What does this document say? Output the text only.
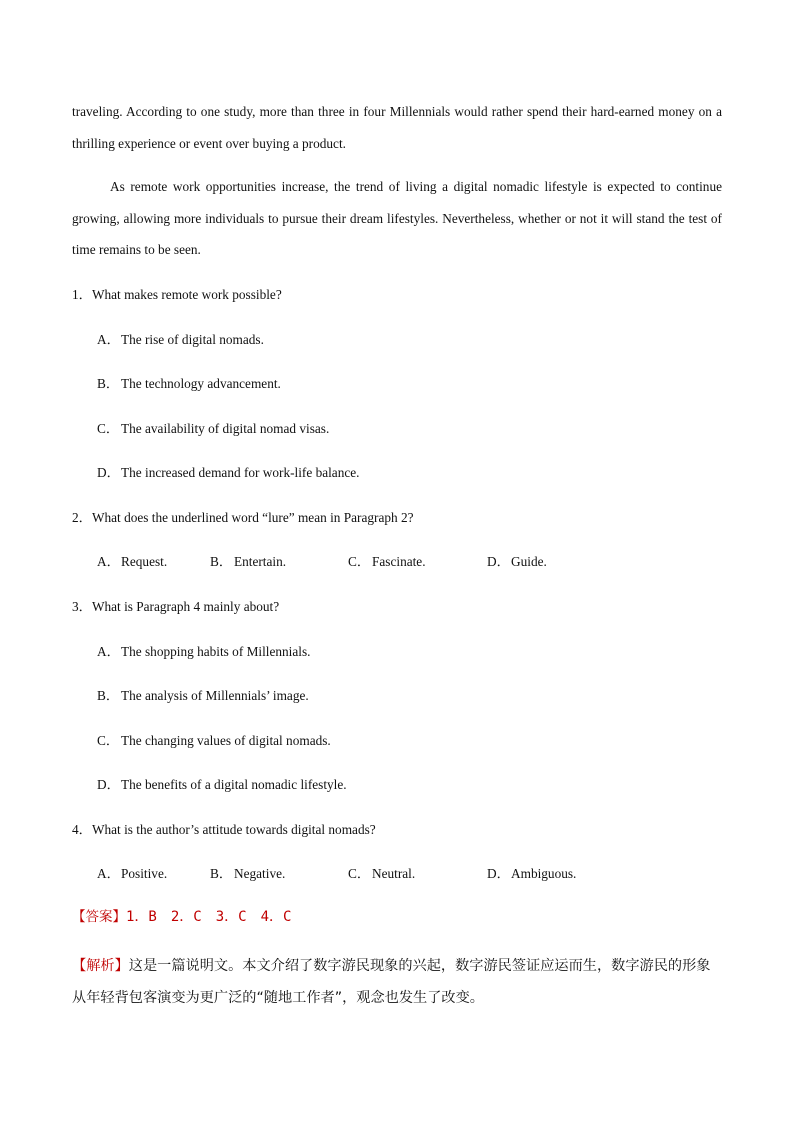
traveling. According to one study, more than three in four Millennials would rather spend their hard-earned money on a thrilling experience or event over buying a product.

As remote work opportunities increase, the trend of living a digital nomadic lifestyle is expected to continue growing, allowing more individuals to pursue their dream lifestyles. Nevertheless, whether or not it will stand the test of time remains to be seen.

1．What makes remote work possible?
A．The rise of digital nomads.
B． The technology advancement.
C． The availability of digital nomad visas.
D．The increased demand for work-life balance.
2．What does the underlined word “lure” mean in Paragraph 2?
A．Request.	B． Entertain.	C． Fascinate.	D．Guide.
3．What is Paragraph 4 mainly about?
A．The shopping habits of Millennials.
B． The analysis of Millennials’ image.
C． The changing values of digital nomads.
D．The benefits of a digital nomadic lifestyle.
4．What is the author’s attitude towards digital nomads?
A．Positive.	B． Negative.	C． Neutral.	D．Ambiguous.
【答案】1．B 2．C 3．C 4．C
【解析】这是一篇说明文。本文介绍了数字游民现象的兴起，数字游民签证应运而生，数字游民的形象从年轻背包客演变为更广泛的“随地工作者”，观念也发生了改变。
